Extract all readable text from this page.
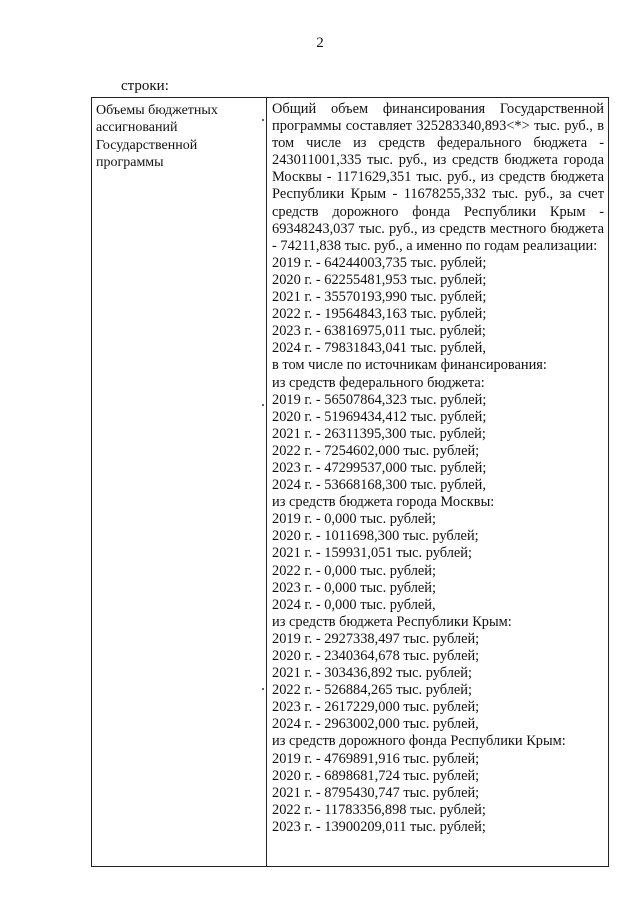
2
строки:
Объемы бюджетных ассигнований Государственной программы

Общий объем финансирования Государственной программы составляет 325283340,893<*> тыс. руб., в том числе из средств федерального бюджета - 243011001,335 тыс. руб., из средств бюджета города Москвы - 1171629,351 тыс. руб., из средств бюджета Республики Крым - 11678255,332 тыс. руб., за счет средств дорожного фонда Республики Крым - 69348243,037 тыс. руб., из средств местного бюджета - 74211,838 тыс. руб., а именно по годам реализации:

2019 г. - 64244003,735 тыс. рублей;
2020 г. - 62255481,953 тыс. рублей;
2021 г. - 35570193,990 тыс. рублей;
2022 г. - 19564843,163 тыс. рублей;
2023 г. - 63816975,011 тыс. рублей;
2024 г. - 79831843,041 тыс. рублей,
в том числе по источникам финансирования:
из средств федерального бюджета:
2019 г. - 56507864,323 тыс. рублей;
2020 г. - 51969434,412 тыс. рублей;
2021 г. - 26311395,300 тыс. рублей;
2022 г. - 7254602,000 тыс. рублей;
2023 г. - 47299537,000 тыс. рублей;
2024 г. - 53668168,300 тыс. рублей,
из средств бюджета города Москвы:
2019 г. - 0,000 тыс. рублей;
2020 г. - 1011698,300 тыс. рублей;
2021 г. - 159931,051 тыс. рублей;
2022 г. - 0,000 тыс. рублей;
2023 г. - 0,000 тыс. рублей;
2024 г. - 0,000 тыс. рублей,
из средств бюджета Республики Крым:
2019 г. - 2927338,497 тыс. рублей;
2020 г. - 2340364,678 тыс. рублей;
2021 г. - 303436,892 тыс. рублей;
2022 г. - 526884,265 тыс. рублей;
2023 г. - 2617229,000 тыс. рублей;
2024 г. - 2963002,000 тыс. рублей,
из средств дорожного фонда Республики Крым:
2019 г. - 4769891,916 тыс. рублей;
2020 г. - 6898681,724 тыс. рублей;
2021 г. - 8795430,747 тыс. рублей;
2022 г. - 11783356,898 тыс. рублей;
2023 г. - 13900209,011 тыс. рублей;
